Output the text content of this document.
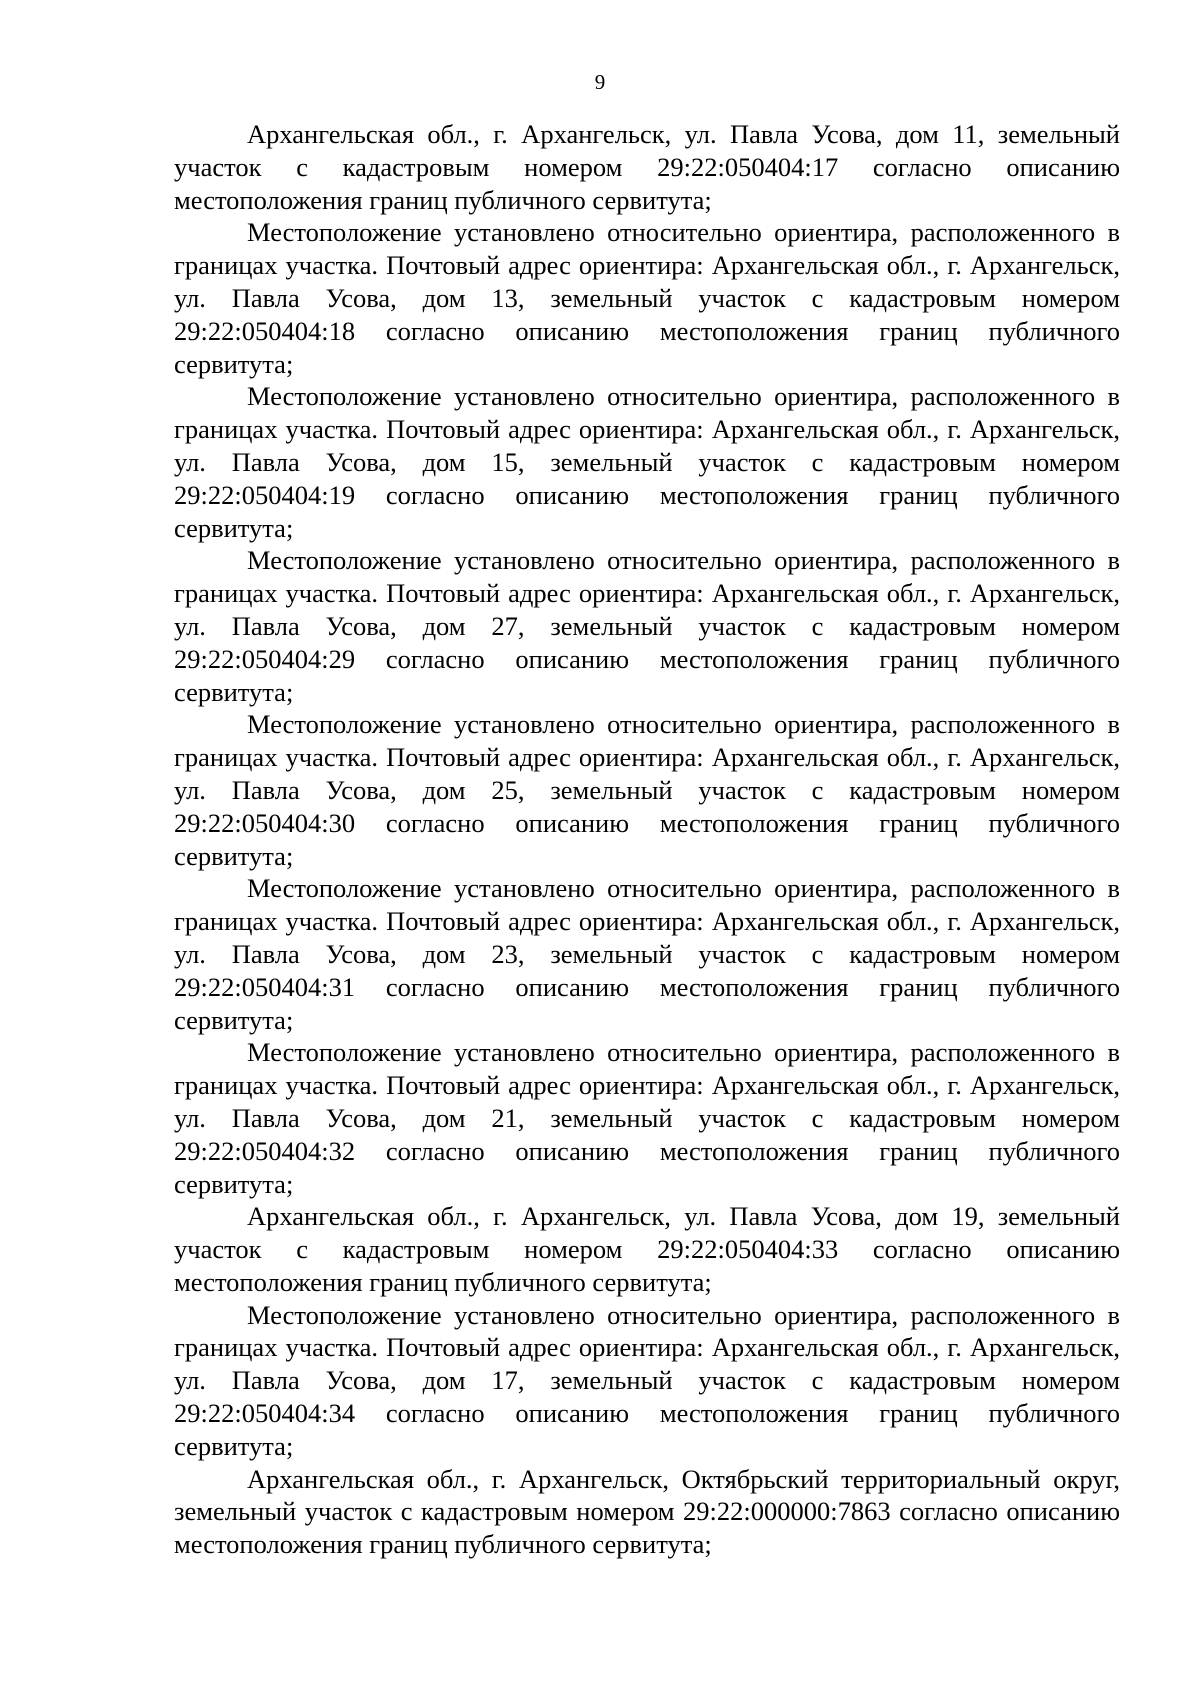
9

Архангельская обл., г. Архангельск, ул. Павла Усова, дом 11, земельный участок с кадастровым номером 29:22:050404:17 согласно описанию местоположения границ публичного сервитута;

Местоположение установлено относительно ориентира, расположенного в границах участка. Почтовый адрес ориентира: Архангельская обл., г. Архангельск, ул. Павла Усова, дом 13, земельный участок с кадастровым номером 29:22:050404:18 согласно описанию местоположения границ публичного сервитута;

Местоположение установлено относительно ориентира, расположенного в границах участка. Почтовый адрес ориентира: Архангельская обл., г. Архангельск, ул. Павла Усова, дом 15, земельный участок с кадастровым номером 29:22:050404:19 согласно описанию местоположения границ публичного сервитута;

Местоположение установлено относительно ориентира, расположенного в границах участка. Почтовый адрес ориентира: Архангельская обл., г. Архангельск, ул. Павла Усова, дом 27, земельный участок с кадастровым номером 29:22:050404:29 согласно описанию местоположения границ публичного сервитута;

Местоположение установлено относительно ориентира, расположенного в границах участка. Почтовый адрес ориентира: Архангельская обл., г. Архангельск, ул. Павла Усова, дом 25, земельный участок с кадастровым номером 29:22:050404:30 согласно описанию местоположения границ публичного сервитута;

Местоположение установлено относительно ориентира, расположенного в границах участка. Почтовый адрес ориентира: Архангельская обл., г. Архангельск, ул. Павла Усова, дом 23, земельный участок с кадастровым номером 29:22:050404:31 согласно описанию местоположения границ публичного сервитута;

Местоположение установлено относительно ориентира, расположенного в границах участка. Почтовый адрес ориентира: Архангельская обл., г. Архангельск, ул. Павла Усова, дом 21, земельный участок с кадастровым номером 29:22:050404:32 согласно описанию местоположения границ публичного сервитута;

Архангельская обл., г. Архангельск, ул. Павла Усова, дом 19, земельный участок с кадастровым номером 29:22:050404:33 согласно описанию местоположения границ публичного сервитута;

Местоположение установлено относительно ориентира, расположенного в границах участка. Почтовый адрес ориентира: Архангельская обл., г. Архангельск, ул. Павла Усова, дом 17, земельный участок с кадастровым номером 29:22:050404:34 согласно описанию местоположения границ публичного сервитута;

Архангельская обл., г. Архангельск, Октябрьский территориальный округ, земельный участок с кадастровым номером 29:22:000000:7863 согласно описанию местоположения границ публичного сервитута;
